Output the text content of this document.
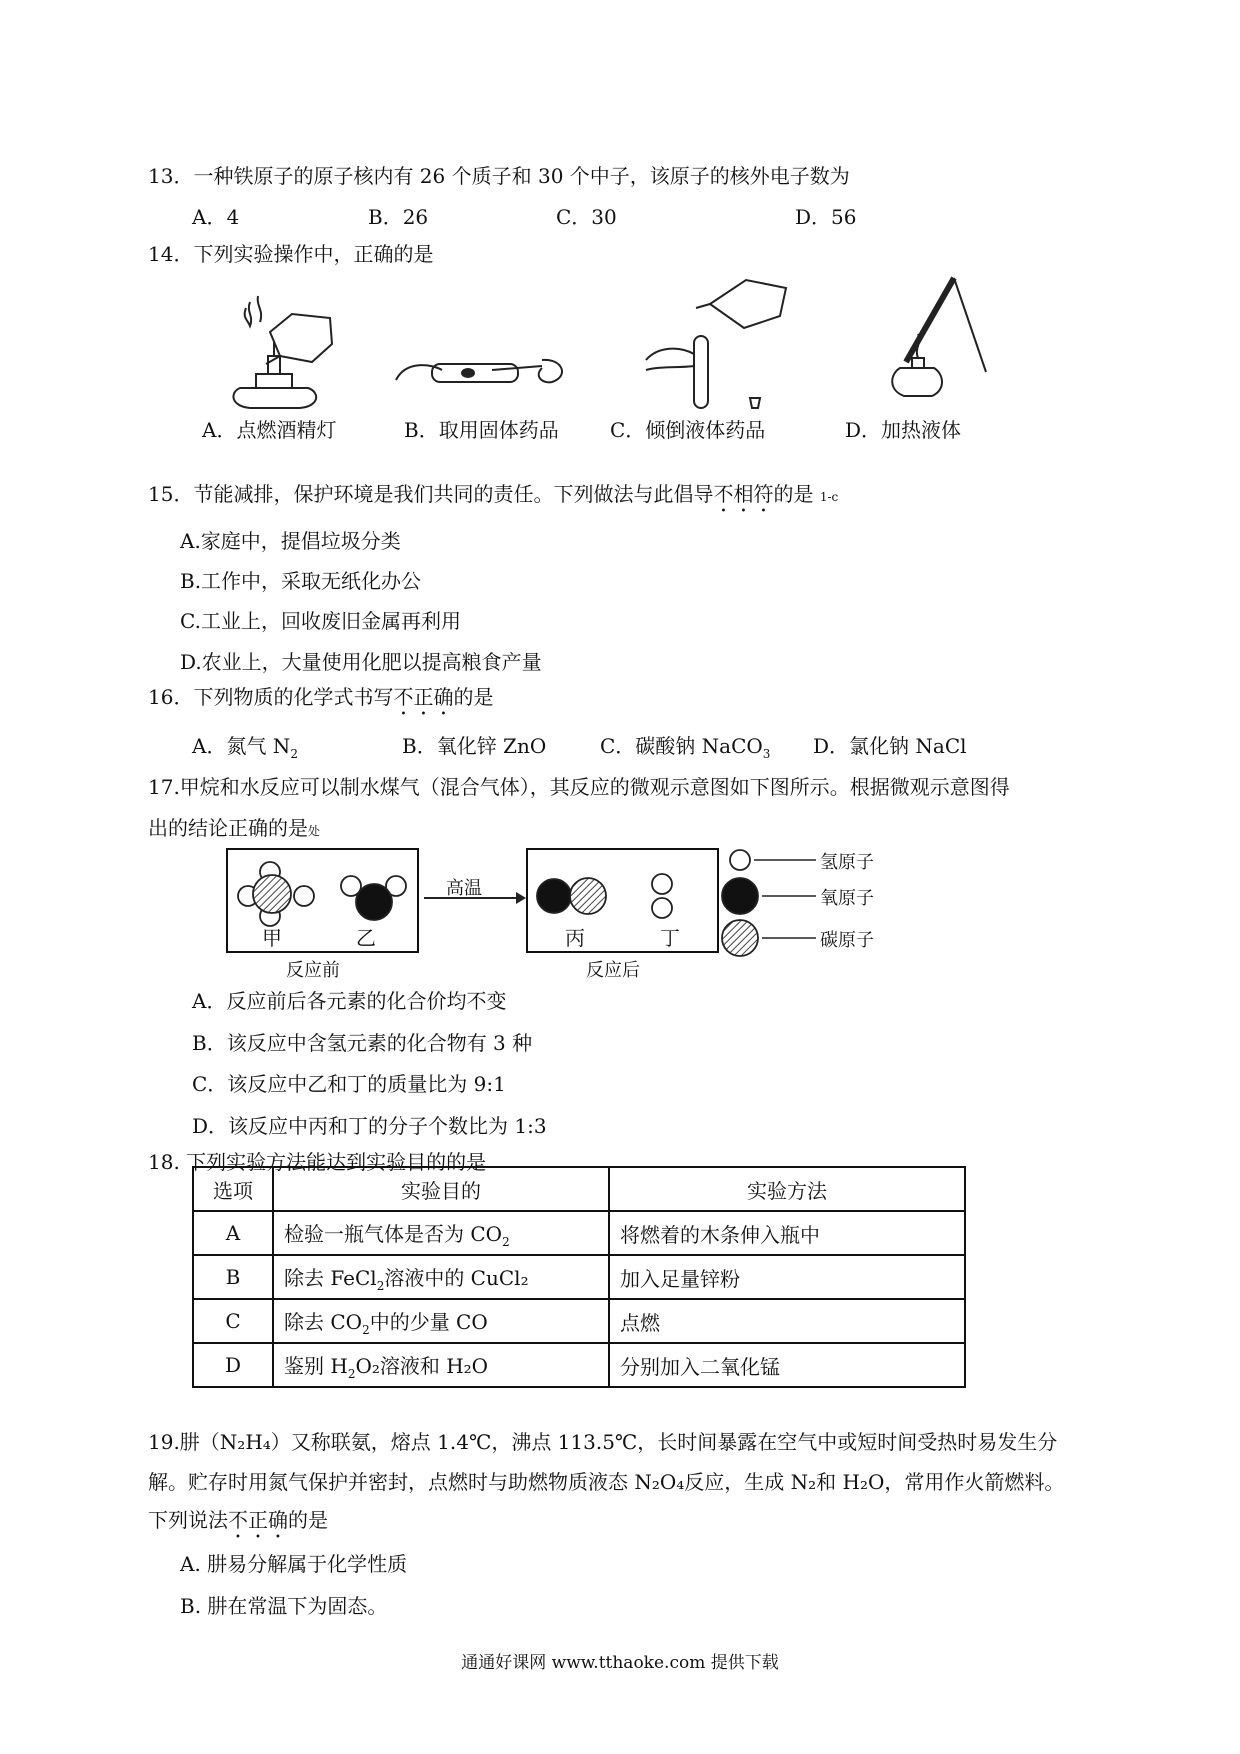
13．一种铁原子的原子核内有 26 个质子和 30 个中子，该原子的核外电子数为
A．4	B．26	C．30	D．56
14．下列实验操作中，正确的是
A．点燃酒精灯	B．取用固体药品	C．倾倒液体药品	D．加热液体
15．节能减排，保护环境是我们共同的责任。下列做法与此倡导不相符的是 1-c
A.家庭中，提倡垃圾分类
B.工作中，采取无纸化办公
C.工业上，回收废旧金属再利用
D.农业上，大量使用化肥以提高粮食产量
16．下列物质的化学式书写不正确的是
A．氮气 $N_2$	B．氧化锌 ZnO	C．碳酸钠 NaCO$_3$ D．氯化钠 NaCl
17.甲烷和水反应可以制水煤气（混合气体），其反应的微观示意图如下图所示。根据微观示意图得
出的结论正确的是处
高温
甲	乙	丙	丁
反应前	反应后
氢原子
氧原子
碳原子
A．反应前后各元素的化合价均不变
B．该反应中含氢元素的化合物有 3 种
C．该反应中乙和丁的质量比为 9:1
D．该反应中丙和丁的分子个数比为 1:3
18. 下列实验方法能达到实验目的的是
选项	实验目的	实验方法
A	检验一瓶气体是否为 $CO_2$	将燃着的木条伸入瓶中
B	除去 FeCl$_2$溶液中的 CuCl₂	加入足量锌粉
C	除去 $CO_2$中的少量 CO	点燃
D	鉴别 $H_2O_2$溶液和 H₂O	分别加入二氧化锰
19.肼（N₂H₄）又称联氨，熔点 1.4℃，沸点 113.5℃，长时间暴露在空气中或短时间受热时易发生分
解。贮存时用氮气保护并密封，点燃时与助燃物质液态 N₂O₄反应，生成 N₂和 H₂O，常用作火箭燃料。
下列说法不正确的是
A. 肼易分解属于化学性质
B. 肼在常温下为固态。
通通好课网 www.tthaoke.com 提供下载
